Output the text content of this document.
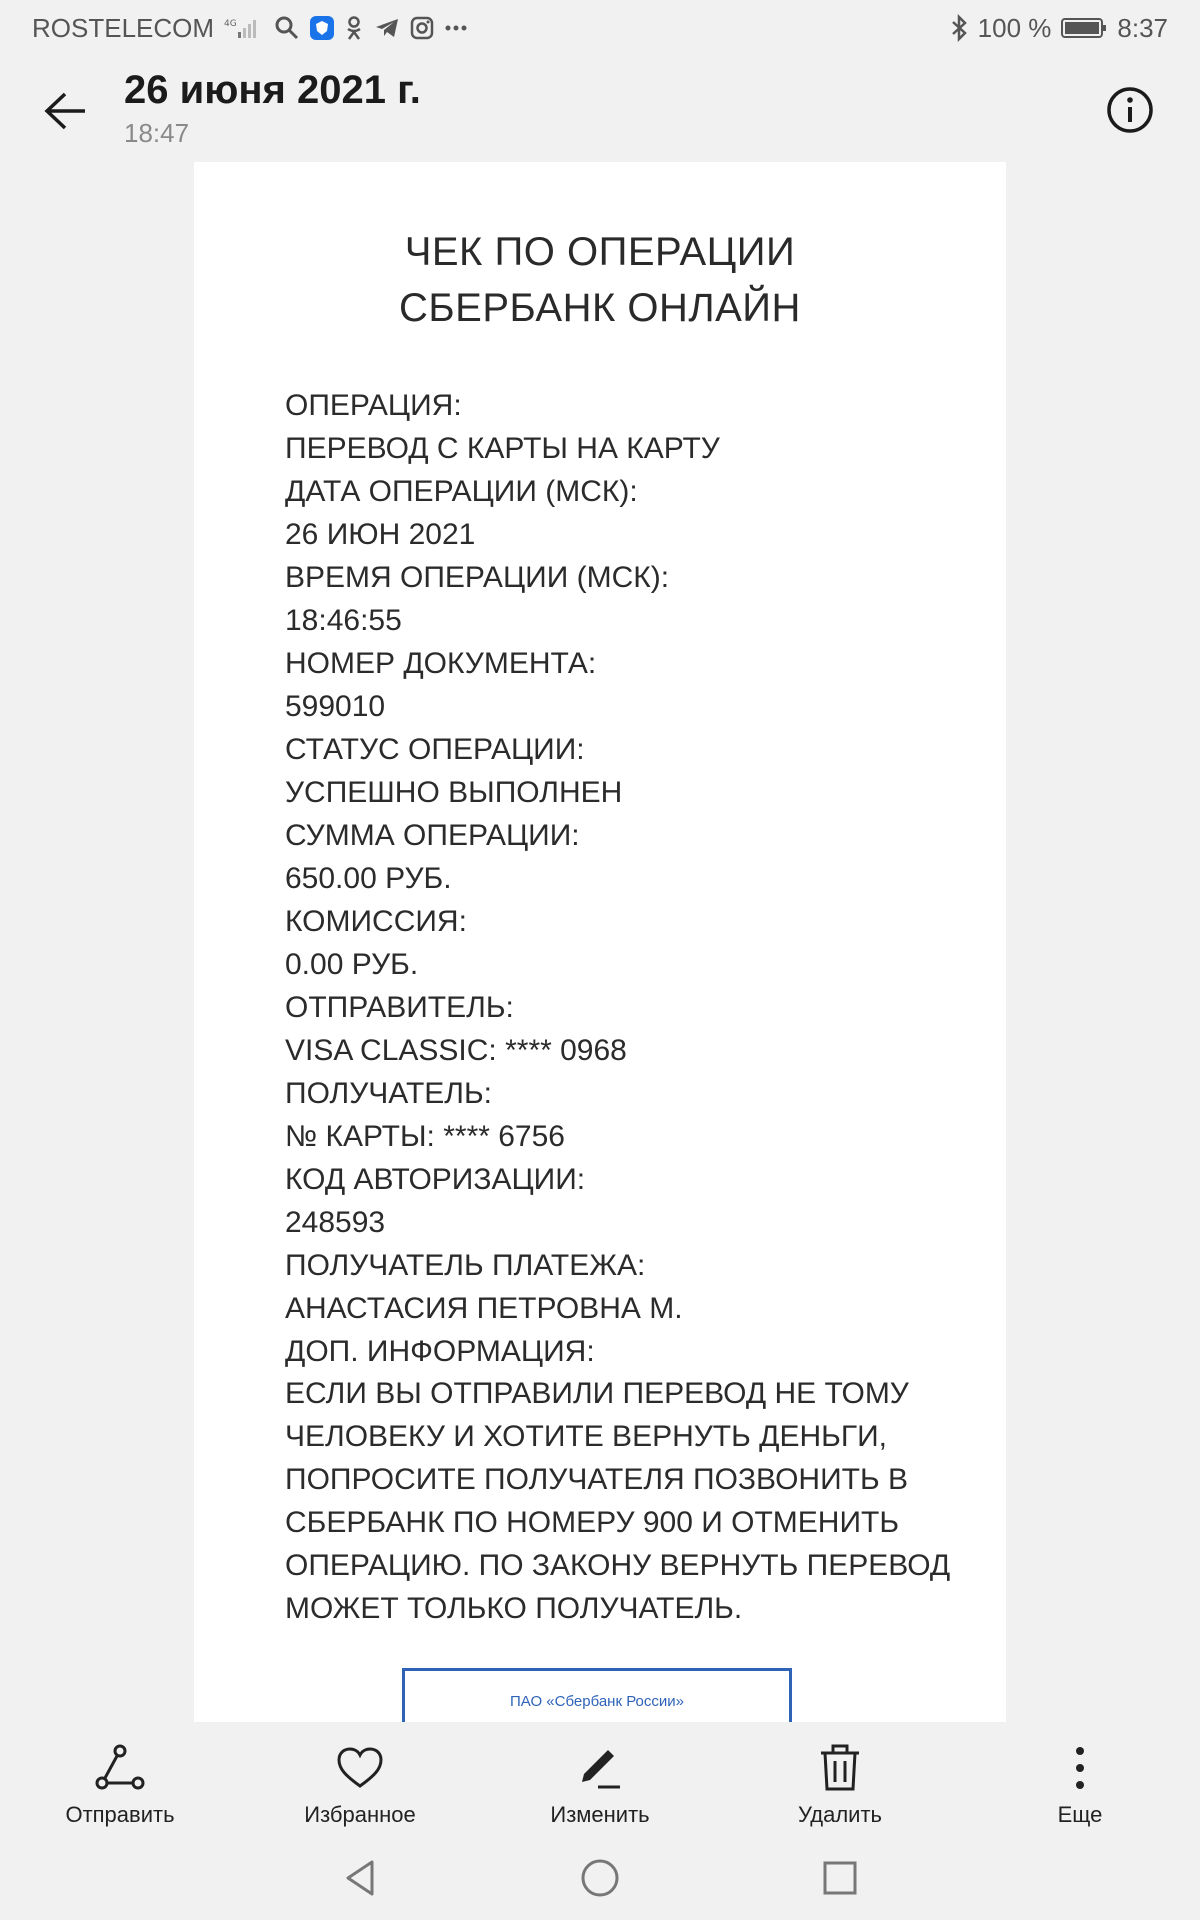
ROSTELECOM 4G	100 %	8:37
26 июня 2021 г.
18:47
ЧЕК ПО ОПЕРАЦИИ
СБЕРБАНК ОНЛАЙН
ОПЕРАЦИЯ:
ПЕРЕВОД С КАРТЫ НА КАРТУ
ДАТА ОПЕРАЦИИ (МСК):
26 ИЮН 2021
ВРЕМЯ ОПЕРАЦИИ (МСК):
18:46:55
НОМЕР ДОКУМЕНТА:
599010
СТАТУС ОПЕРАЦИИ:
УСПЕШНО ВЫПОЛНЕН
СУММА ОПЕРАЦИИ:
650.00 РУБ.
КОМИССИЯ:
0.00 РУБ.
ОТПРАВИТЕЛЬ:
VISA CLASSIC: **** 0968
ПОЛУЧАТЕЛЬ:
№ КАРТЫ: **** 6756
КОД АВТОРИЗАЦИИ:
248593
ПОЛУЧАТЕЛЬ ПЛАТЕЖА:
АНАСТАСИЯ ПЕТРОВНА М.
ДОП. ИНФОРМАЦИЯ:
ЕСЛИ ВЫ ОТПРАВИЛИ ПЕРЕВОД НЕ ТОМУ
ЧЕЛОВЕКУ И ХОТИТЕ ВЕРНУТЬ ДЕНЬГИ,
ПОПРОСИТЕ ПОЛУЧАТЕЛЯ ПОЗВОНИТЬ В
СБЕРБАНК ПО НОМЕРУ 900 И ОТМЕНИТЬ
ОПЕРАЦИЮ. ПО ЗАКОНУ ВЕРНУТЬ ПЕРЕВОД
МОЖЕТ ТОЛЬКО ПОЛУЧАТЕЛЬ.
ПАО «Сбербанк России»
Отправить	Избранное	Изменить	Удалить	Еще
